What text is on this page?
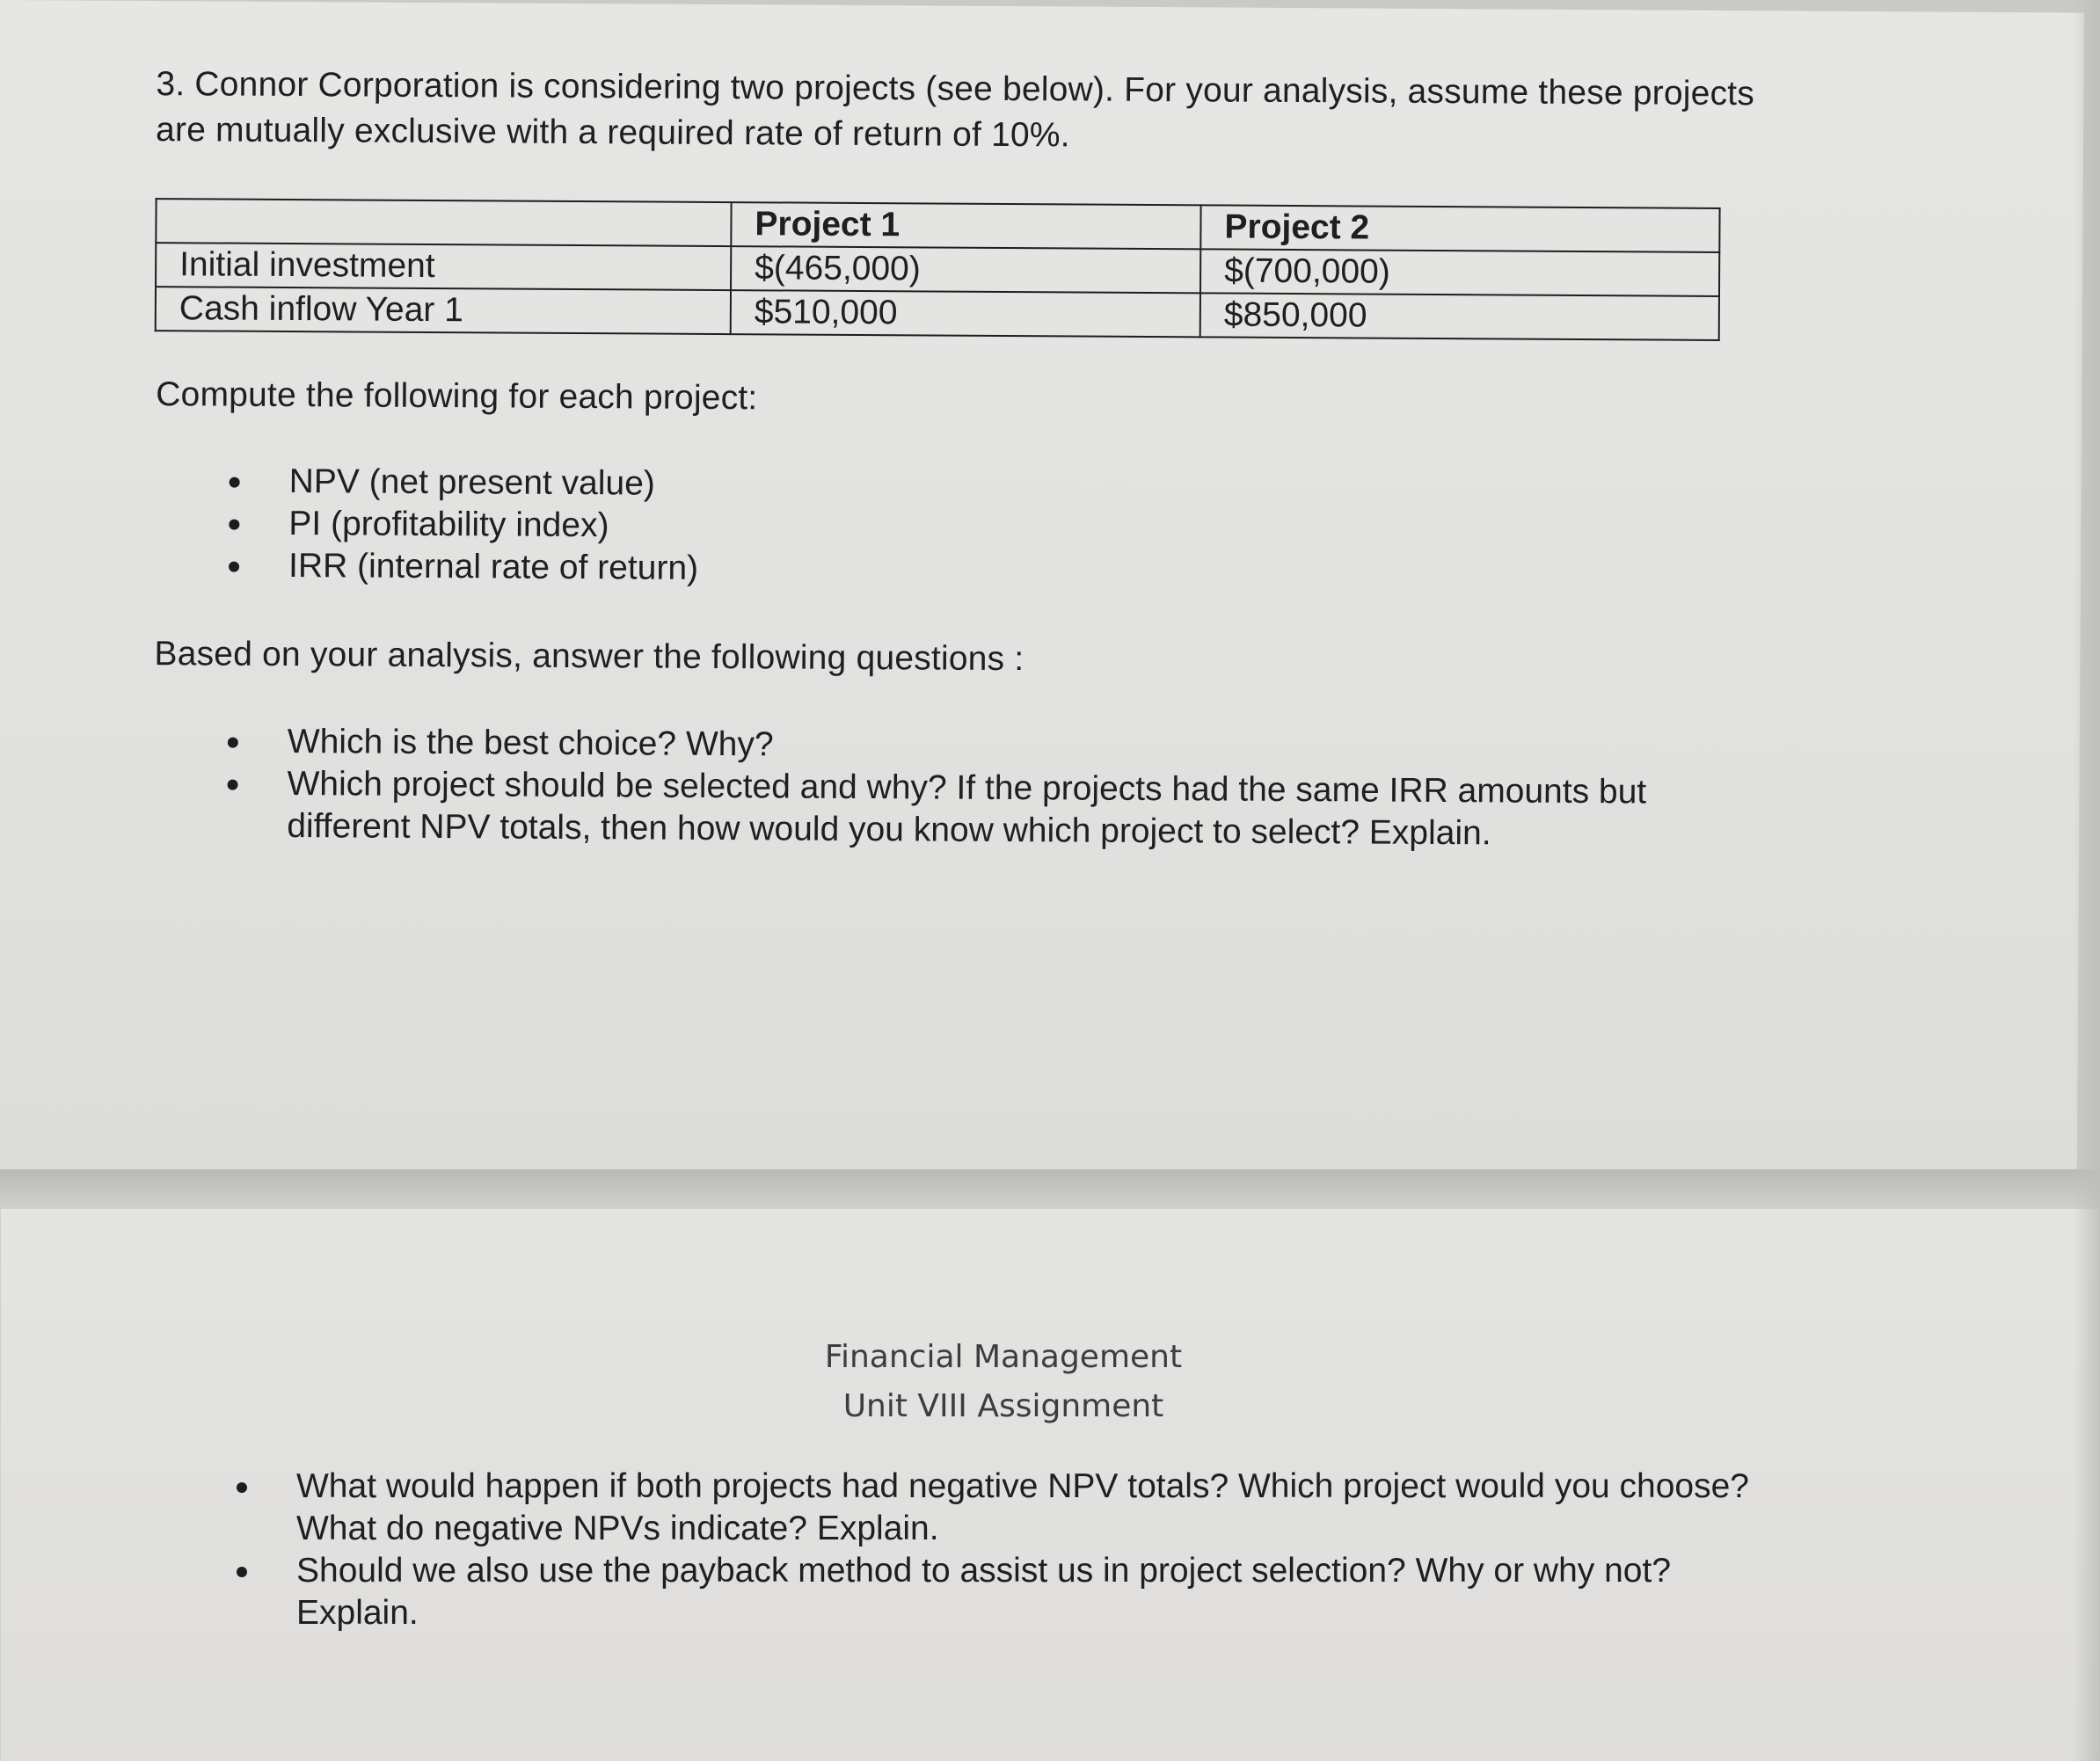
3. Connor Corporation is considering two projects (see below). For your analysis, assume these projects

are mutually exclusive with a required rate of return of 10%.

	Project 1	Project 2
Initial investment	$(465,000)	$(700,000)
Cash inflow Year 1	$510,000	$850,000

Compute the following for each project:

NPV (net present value)
PI (profitability index)
IRR (internal rate of return)

Based on your analysis, answer the following questions :

Which is the best choice? Why?
Which project should be selected and why? If the projects had the same IRR amounts but
different NPV totals, then how would you know which project to select? Explain.
Financial Management
Unit VIII Assignment
What would happen if both projects had negative NPV totals? Which project would you choose?
What do negative NPVs indicate? Explain.
Should we also use the payback method to assist us in project selection? Why or why not?
Explain.
